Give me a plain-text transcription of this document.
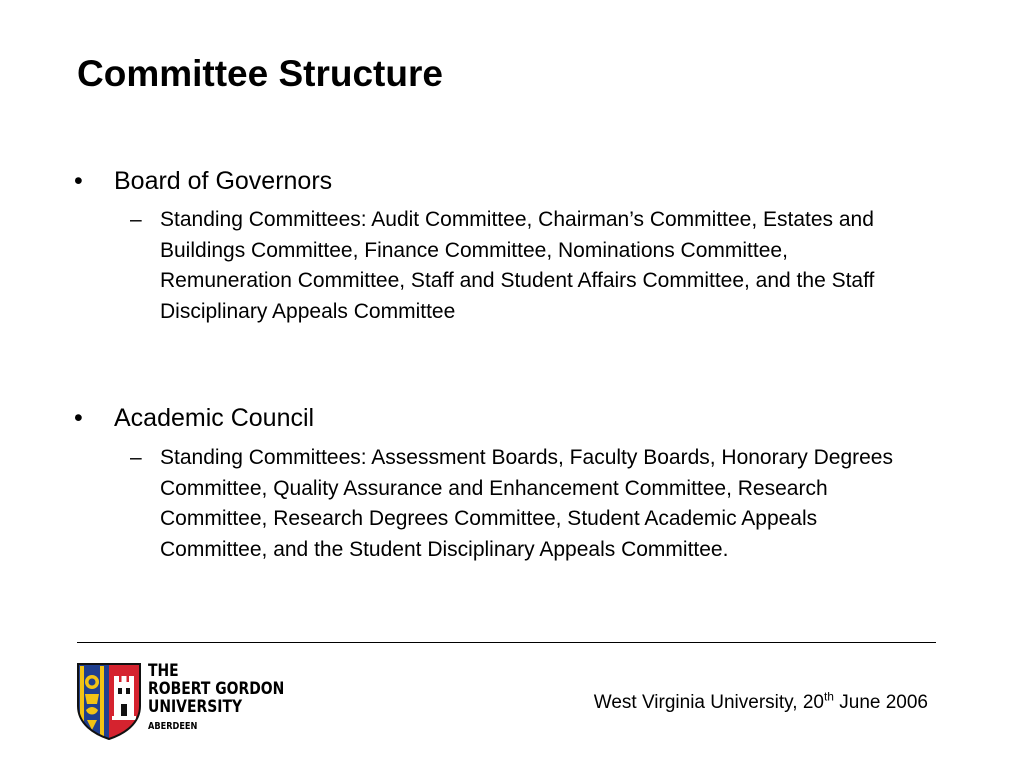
Committee Structure
•	Board of Governors
– Standing Committees: Audit Committee, Chairman’s Committee, Estates and Buildings Committee, Finance Committee, Nominations Committee, Remuneration Committee, Staff and Student Affairs Committee, and the Staff Disciplinary Appeals Committee
•	Academic Council
– Standing Committees: Assessment Boards, Faculty Boards, Honorary Degrees Committee, Quality Assurance and Enhancement Committee, Research Committee, Research Degrees Committee, Student Academic Appeals Committee, and the Student Disciplinary Appeals Committee.
THE
ROBERT GORDON
UNIVERSITY
ABERDEEN
West Virginia University, 20th June 2006
